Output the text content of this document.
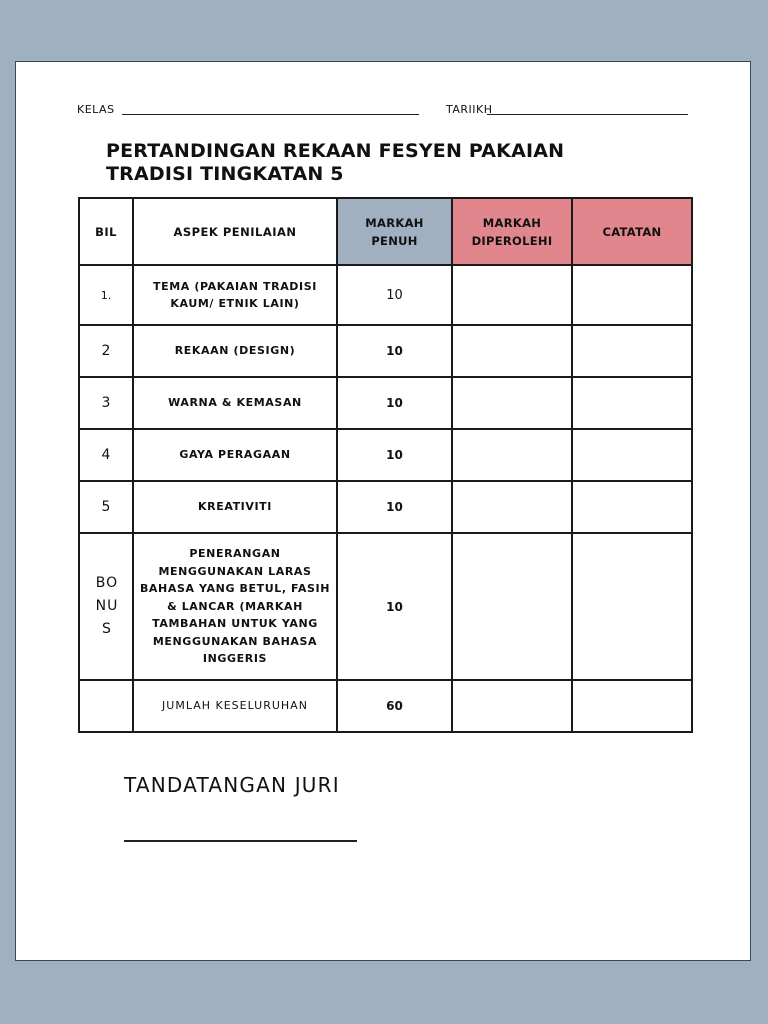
KELAS	TARIIKH
PERTANDINGAN REKAAN FESYEN PAKAIAN
TRADISI TINGKATAN 5
BIL	ASPEK PENILAIAN	MARKAH PENUH	MARKAH DIPEROLEHI	CATATAN
1.	TEMA (PAKAIAN TRADISI KAUM/ ETNIK LAIN)	10		
2	REKAAN (DESIGN)	10		
3	WARNA & KEMASAN	10		
4	GAYA PERAGAAN	10		
5	KREATIVITI	10		
BONUS	PENERANGAN MENGGUNAKAN LARAS BAHASA YANG BETUL, FASIH & LANCAR (MARKAH TAMBAHAN UNTUK YANG MENGGUNAKAN BAHASA INGGERIS	10		
	JUMLAH KESELURUHAN	60		
TANDATANGAN JURI
